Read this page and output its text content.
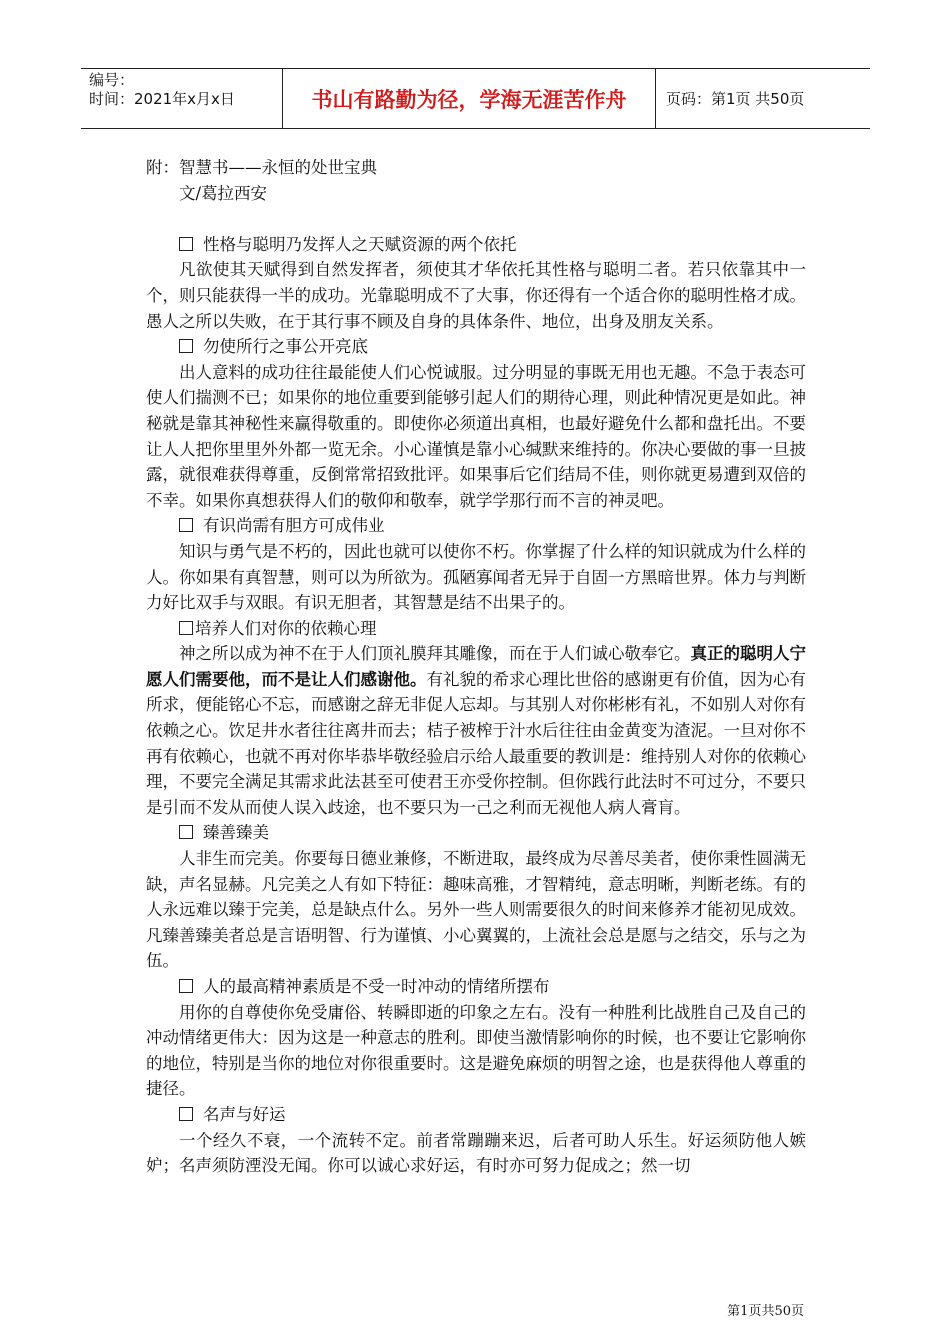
编号：
时间：2021年x月x日	书山有路勤为径，学海无涯苦作舟	页码：第1页 共50页

附：智慧书——永恒的处世宝典

文/葛拉西安

性格与聪明乃发挥人之天赋资源的两个依托

凡欲使其天赋得到自然发挥者，须使其才华依托其性格与聪明二者。若只依靠其中一个，则只能获得一半的成功。光靠聪明成不了大事，你还得有一个适合你的聪明性格才成。愚人之所以失败，在于其行事不顾及自身的具体条件、地位，出身及朋友关系。

勿使所行之事公开亮底

出人意料的成功往往最能使人们心悦诚服。过分明显的事既无用也无趣。不急于表态可使人们揣测不已；如果你的地位重要到能够引起人们的期待心理，则此种情况更是如此。神秘就是靠其神秘性来赢得敬重的。即使你必须道出真相，也最好避免什么都和盘托出。不要让人人把你里里外外都一览无余。小心谨慎是靠小心缄默来维持的。你决心要做的事一旦披露，就很难获得尊重，反倒常常招致批评。如果事后它们结局不佳，则你就更易遭到双倍的不幸。如果你真想获得人们的敬仰和敬奉，就学学那行而不言的神灵吧。

有识尚需有胆方可成伟业

知识与勇气是不朽的，因此也就可以使你不朽。你掌握了什么样的知识就成为什么样的人。你如果有真智慧，则可以为所欲为。孤陋寡闻者无异于自固一方黑暗世界。体力与判断力好比双手与双眼。有识无胆者，其智慧是结不出果子的。

培养人们对你的依赖心理

神之所以成为神不在于人们顶礼膜拜其雕像，而在于人们诚心敬奉它。真正的聪明人宁愿人们需要他，而不是让人们感谢他。有礼貌的希求心理比世俗的感谢更有价值，因为心有所求，便能铭心不忘，而感谢之辞无非促人忘却。与其别人对你彬彬有礼，不如别人对你有依赖之心。饮足井水者往往离井而去；桔子被榨于汁水后往往由金黄变为渣泥。一旦对你不再有依赖心，也就不再对你毕恭毕敬经验启示给人最重要的教训是：维持别人对你的依赖心理，不要完全满足其需求此法甚至可使君王亦受你控制。但你践行此法时不可过分，不要只是引而不发从而使人误入歧途，也不要只为一己之利而无视他人病人膏肓。

臻善臻美

人非生而完美。你要每日德业兼修，不断进取，最终成为尽善尽美者，使你秉性圆满无缺，声名显赫。凡完美之人有如下特征：趣味高雅，才智精纯，意志明晰，判断老练。有的人永远难以臻于完美，总是缺点什么。另外一些人则需要很久的时间来修养才能初见成效。凡臻善臻美者总是言语明智、行为谨慎、小心翼翼的，上流社会总是愿与之结交，乐与之为伍。

人的最高精神素质是不受一时冲动的情绪所摆布

用你的自尊使你免受庸俗、转瞬即逝的印象之左右。没有一种胜利比战胜自己及自己的冲动情绪更伟大：因为这是一种意志的胜利。即使当激情影响你的时候，也不要让它影响你的地位，特别是当你的地位对你很重要时。这是避免麻烦的明智之途，也是获得他人尊重的捷径。

名声与好运

一个经久不衰，一个流转不定。前者常蹦蹦来迟，后者可助人乐生。好运须防他人嫉妒；名声须防湮没无闻。你可以诚心求好运，有时亦可努力促成之；然一切

第1页共50页
